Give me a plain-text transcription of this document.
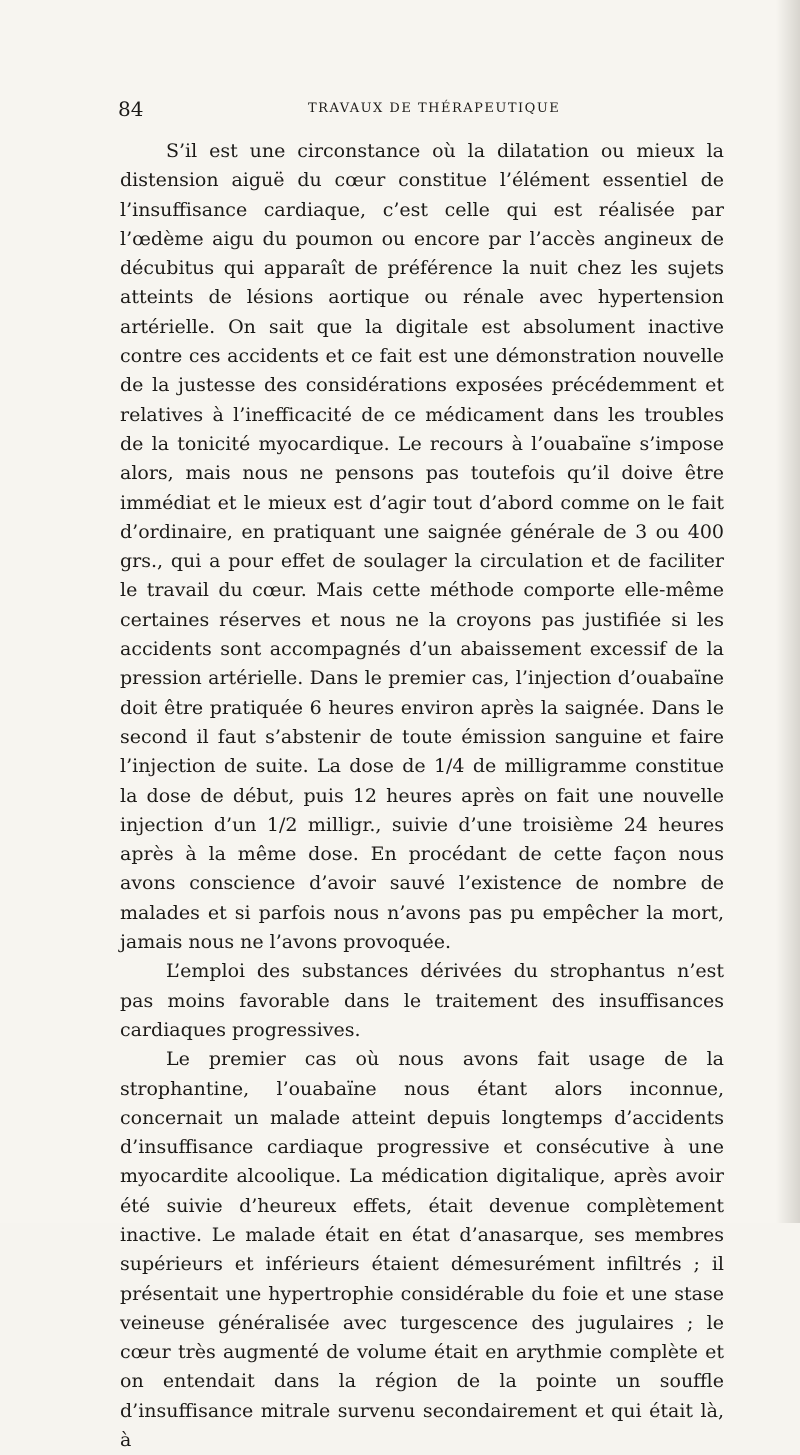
84	TRAVAUX DE THÉRAPEUTIQUE

S’il est une circonstance où la dilatation ou mieux la distension aiguë du cœur constitue l’élément essentiel de l’insuffisance cardiaque, c’est celle qui est réalisée par l’œdème aigu du poumon ou encore par l’accès angineux de décubitus qui apparaît de préférence la nuit chez les sujets atteints de lésions aortique ou rénale avec hypertension artérielle. On sait que la digitale est absolument inactive contre ces accidents et ce fait est une démonstration nouvelle de la justesse des considérations exposées précédemment et relatives à l’inefficacité de ce médicament dans les troubles de la tonicité myocardique. Le recours à l’ouabaïne s’impose alors, mais nous ne pensons pas toutefois qu’il doive être immédiat et le mieux est d’agir tout d’abord comme on le fait d’ordinaire, en pratiquant une saignée générale de 3 ou 400 grs., qui a pour effet de soulager la circulation et de faciliter le travail du cœur. Mais cette méthode comporte elle-même certaines réserves et nous ne la croyons pas justifiée si les accidents sont accompagnés d’un abaissement excessif de la pression artérielle. Dans le premier cas, l’injection d’ouabaïne doit être pratiquée 6 heures environ après la saignée. Dans le second il faut s’abstenir de toute émission sanguine et faire l’injection de suite. La dose de 1/4 de milligramme constitue la dose de début, puis 12 heures après on fait une nouvelle injection d’un 1/2 milligr., suivie d’une troisième 24 heures après à la même dose. En procédant de cette façon nous avons conscience d’avoir sauvé l’existence de nombre de malades et si parfois nous n’avons pas pu empêcher la mort, jamais nous ne l’avons provoquée.

L’emploi des substances dérivées du strophantus n’est pas moins favorable dans le traitement des insuffisances cardiaques progressives.

Le premier cas où nous avons fait usage de la strophantine, l’ouabaïne nous étant alors inconnue, concernait un malade atteint depuis longtemps d’accidents d’insuffisance cardiaque progressive et consécutive à une myocardite alcoolique. La médication digitalique, après avoir été suivie d’heureux effets, était devenue complètement inactive. Le malade était en état d’anasarque, ses membres supérieurs et inférieurs étaient démesurément infiltrés ; il présentait une hypertrophie considérable du foie et une stase veineuse généralisée avec turgescence des jugulaires ; le cœur très augmenté de volume était en arythmie complète et on entendait dans la région de la pointe un souffle d’insuffisance mitrale survenu secondairement et qui était là, à
